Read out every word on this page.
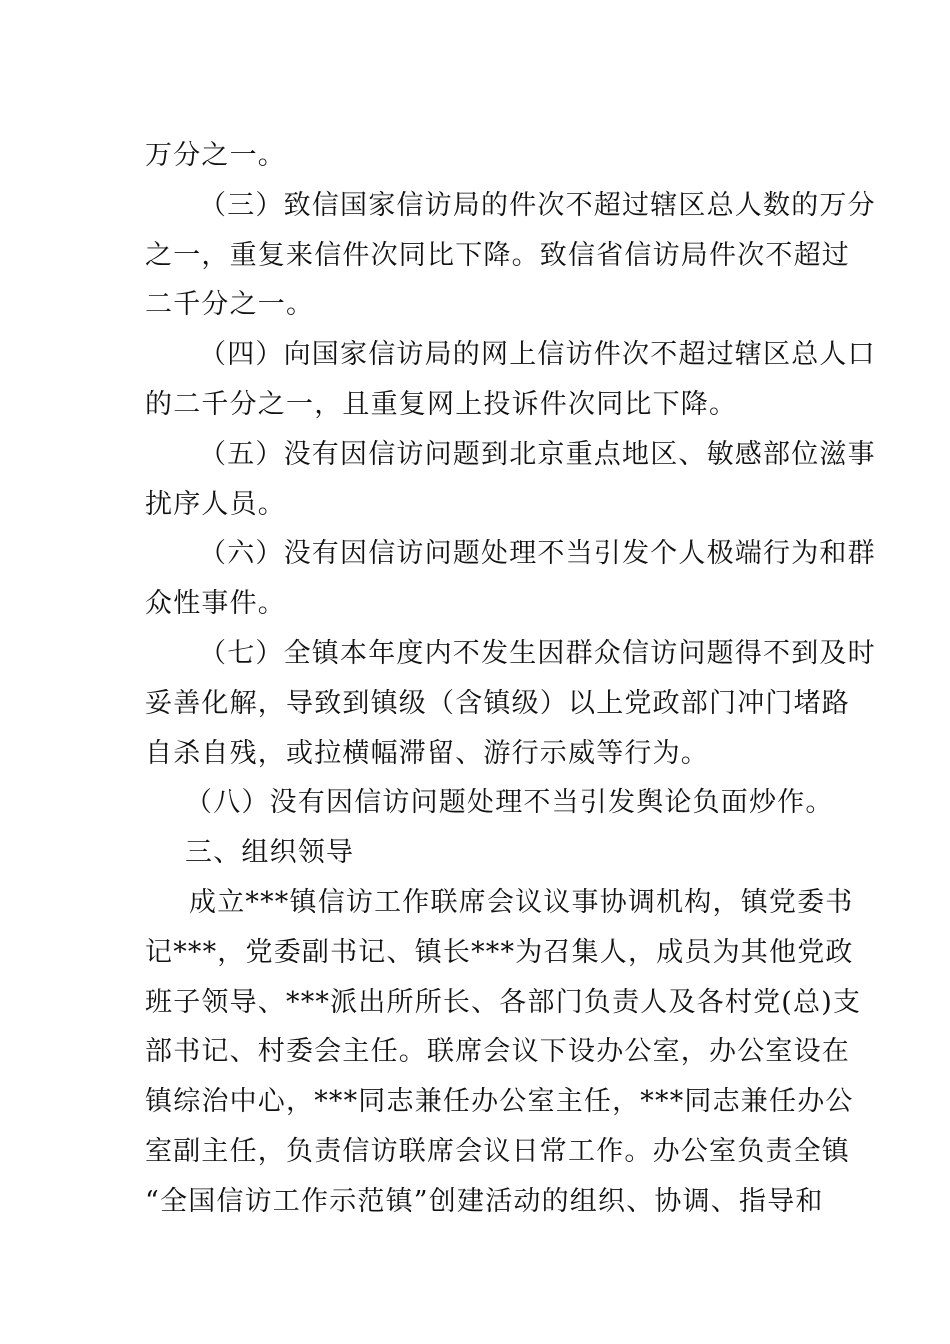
万分之一。
（三）致信国家信访局的件次不超过辖区总人数的万分
之一，重复来信件次同比下降。致信省信访局件次不超过
二千分之一。
（四）向国家信访局的网上信访件次不超过辖区总人口
的二千分之一，且重复网上投诉件次同比下降。
（五）没有因信访问题到北京重点地区、敏感部位滋事
扰序人员。
（六）没有因信访问题处理不当引发个人极端行为和群
众性事件。
（七）全镇本年度内不发生因群众信访问题得不到及时
妥善化解，导致到镇级（含镇级）以上党政部门冲门堵路
自杀自残，或拉横幅滞留、游行示威等行为。
（八）没有因信访问题处理不当引发舆论负面炒作。
三、组织领导
成立***镇信访工作联席会议议事协调机构，镇党委书
记***，党委副书记、镇长***为召集人，成员为其他党政
班子领导、***派出所所长、各部门负责人及各村党(总)支
部书记、村委会主任。联席会议下设办公室，办公室设在
镇综治中心，***同志兼任办公室主任，***同志兼任办公
室副主任，负责信访联席会议日常工作。办公室负责全镇
“全国信访工作示范镇”创建活动的组织、协调、指导和
